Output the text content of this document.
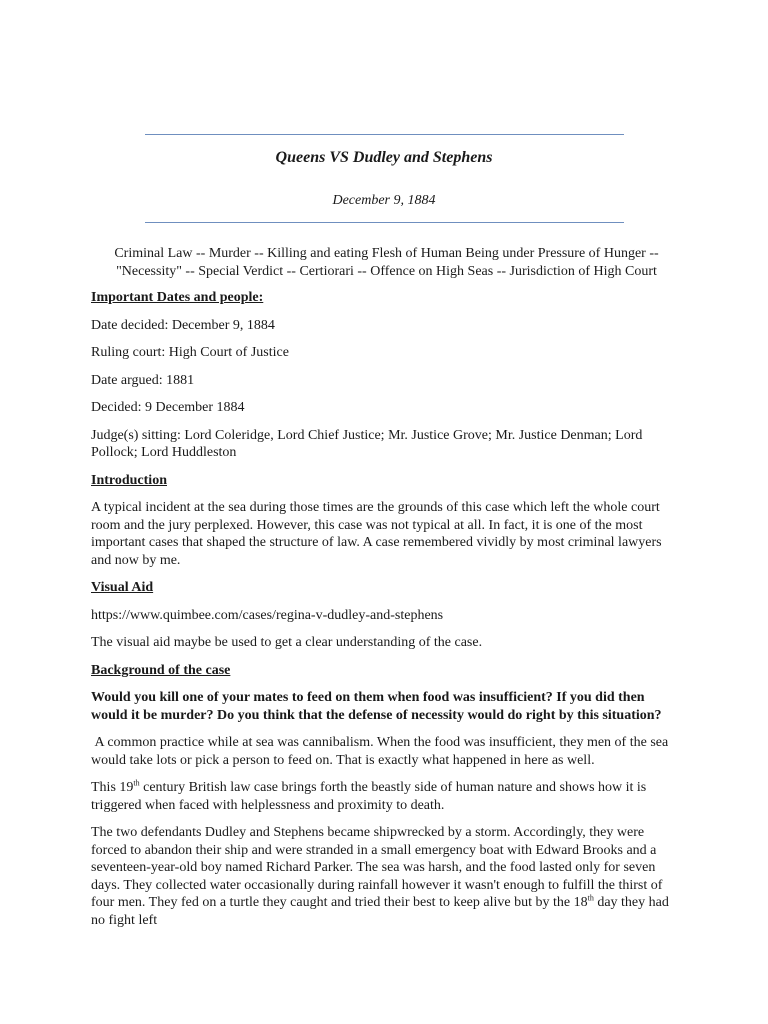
Queens VS Dudley and Stephens
December 9, 1884
Criminal Law -- Murder -- Killing and eating Flesh of Human Being under Pressure of Hunger --
"Necessity" -- Special Verdict -- Certiorari -- Offence on High Seas -- Jurisdiction of High Court

Important Dates and people:

Date decided: December 9, 1884

Ruling court: High Court of Justice

Date argued: 1881

Decided: 9 December 1884

Judge(s) sitting: Lord Coleridge, Lord Chief Justice; Mr. Justice Grove; Mr. Justice Denman; Lord Pollock; Lord Huddleston

Introduction

A typical incident at the sea during those times are the grounds of this case which left the whole court room and the jury perplexed. However, this case was not typical at all. In fact, it is one of the most important cases that shaped the structure of law. A case remembered vividly by most criminal lawyers and now by me.

Visual Aid

https://www.quimbee.com/cases/regina-v-dudley-and-stephens

The visual aid maybe be used to get a clear understanding of the case.

Background of the case

Would you kill one of your mates to feed on them when food was insufficient? If you did then would it be murder? Do you think that the defense of necessity would do right by this situation?

A common practice while at sea was cannibalism. When the food was insufficient, they men of the sea would take lots or pick a person to feed on. That is exactly what happened in here as well.

This 19th century British law case brings forth the beastly side of human nature and shows how it is triggered when faced with helplessness and proximity to death.

The two defendants Dudley and Stephens became shipwrecked by a storm. Accordingly, they were forced to abandon their ship and were stranded in a small emergency boat with Edward Brooks and a seventeen-year-old boy named Richard Parker. The sea was harsh, and the food lasted only for seven days. They collected water occasionally during rainfall however it wasn't enough to fulfill the thirst of four men. They fed on a turtle they caught and tried their best to keep alive but by the 18th day they had no fight left
